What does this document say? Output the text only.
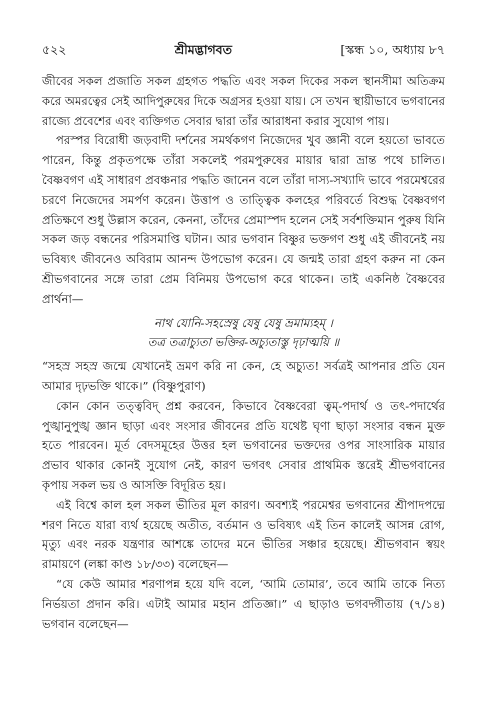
৫২২	শ্রীমদ্ভাগবত	[স্কন্ধ ১০, অধ্যায় ৮৭

জীবের সকল প্রজাতি সকল গ্রহগত পদ্ধতি এবং সকল দিকের সকল স্থানসীমা অতিক্রম করে অমরত্বের সেই আদিপুরুষের দিকে অগ্রসর হওয়া যায়। সে তখন স্থায়ীভাবে ভগবানের রাজ্যে প্রবেশের এবং ব্যক্তিগত সেবার দ্বারা তাঁর আরাধনা করার সুযোগ পায়।

পরস্পর বিরোধী জড়বাদী দর্শনের সমর্থকগণ নিজেদের খুব জ্ঞানী বলে হয়তো ভাবতে পারেন, কিন্তু প্রকৃতপক্ষে তাঁরা সকলেই পরমপুরুষের মায়ার দ্বারা ভ্রান্ত পথে চালিত। বৈষ্ণবগণ এই সাধারণ প্রবঞ্চনার পদ্ধতি জানেন বলে তাঁরা দাস্য-সখ্যাদি ভাবে পরমেশ্বরের চরণে নিজেদের সমর্পণ করেন। উত্তাপ ও তাত্ত্বিক কলহের পরিবর্তে বিশুদ্ধ বৈষ্ণবগণ প্রতিক্ষণে শুধু উল্লাস করেন, কেননা, তাঁদের প্রেমাস্পদ হলেন সেই সর্বশক্তিমান পুরুষ যিনি সকল জড় বন্ধনের পরিসমাপ্তি ঘটান। আর ভগবান বিষ্ণুর ভক্তগণ শুধু এই জীবনেই নয় ভবিষ্যৎ জীবনেও অবিরাম আনন্দ উপভোগ করেন। যে জন্মই তারা গ্রহণ করুন না কেন শ্রীভগবানের সঙ্গে তারা প্রেম বিনিময় উপভোগ করে থাকেন। তাই একনিষ্ঠ বৈষ্ণবের প্রার্থনা—

নাথ যোনি-সহস্রেষু যেষু যেষু ভ্রমাম্যহম্ ।
তত্র তত্রাচ্যুতা ভক্তির-অচ্যুতাস্তু দৃঢ়াত্ময়ি ॥

“সহস্র সহস্র জন্মে যেখানেই ভ্রমণ করি না কেন, হে অচ্যুত! সর্বত্রই আপনার প্রতি যেন আমার দৃঢ়ভক্তি থাকে।” (বিষ্ণুপুরাণ)

কোন কোন তত্ত্ববিদ্ প্রশ্ন করবেন, কিভাবে বৈষ্ণবেরা ত্বম্-পদার্থ ও তৎ-পদার্থের পুঙ্খানুপুঙ্খ জ্ঞান ছাড়া এবং সংসার জীবনের প্রতি যথেষ্ট ঘৃণা ছাড়া সংসার বন্ধন মুক্ত হতে পারবেন। মূর্ত বেদসমূহের উত্তর হল ভগবানের ভক্তদের ওপর সাংসারিক মায়ার প্রভাব থাকার কোনই সুযোগ নেই, কারণ ভগবৎ সেবার প্রাথমিক স্তরেই শ্রীভগবানের কৃপায় সকল ভয় ও আসক্তি বিদূরিত হয়।

এই বিশ্বে কাল হল সকল ভীতির মূল কারণ। অবশ্যই পরমেশ্বর ভগবানের শ্রীপাদপদ্মে শরণ নিতে যারা ব্যর্থ হয়েছে অতীত, বর্তমান ও ভবিষ্যৎ এই তিন কালেই আসন্ন রোগ, মৃত্যু এবং নরক যন্ত্রণার আশঙ্কে তাদের মনে ভীতির সঞ্চার হয়েছে। শ্রীভগবান স্বয়ং রামায়ণে (লঙ্কা কাণ্ড ১৮/৩৩) বলেছেন—

“যে কেউ আমার শরণাপন্ন হয়ে যদি বলে, ‘আমি তোমার’, তবে আমি তাকে নিত্য নির্ভয়তা প্রদান করি। এটাই আমার মহান প্রতিজ্ঞা।” এ ছাড়াও ভগবদ্গীতায় (৭/১৪) ভগবান বলেছেন—
